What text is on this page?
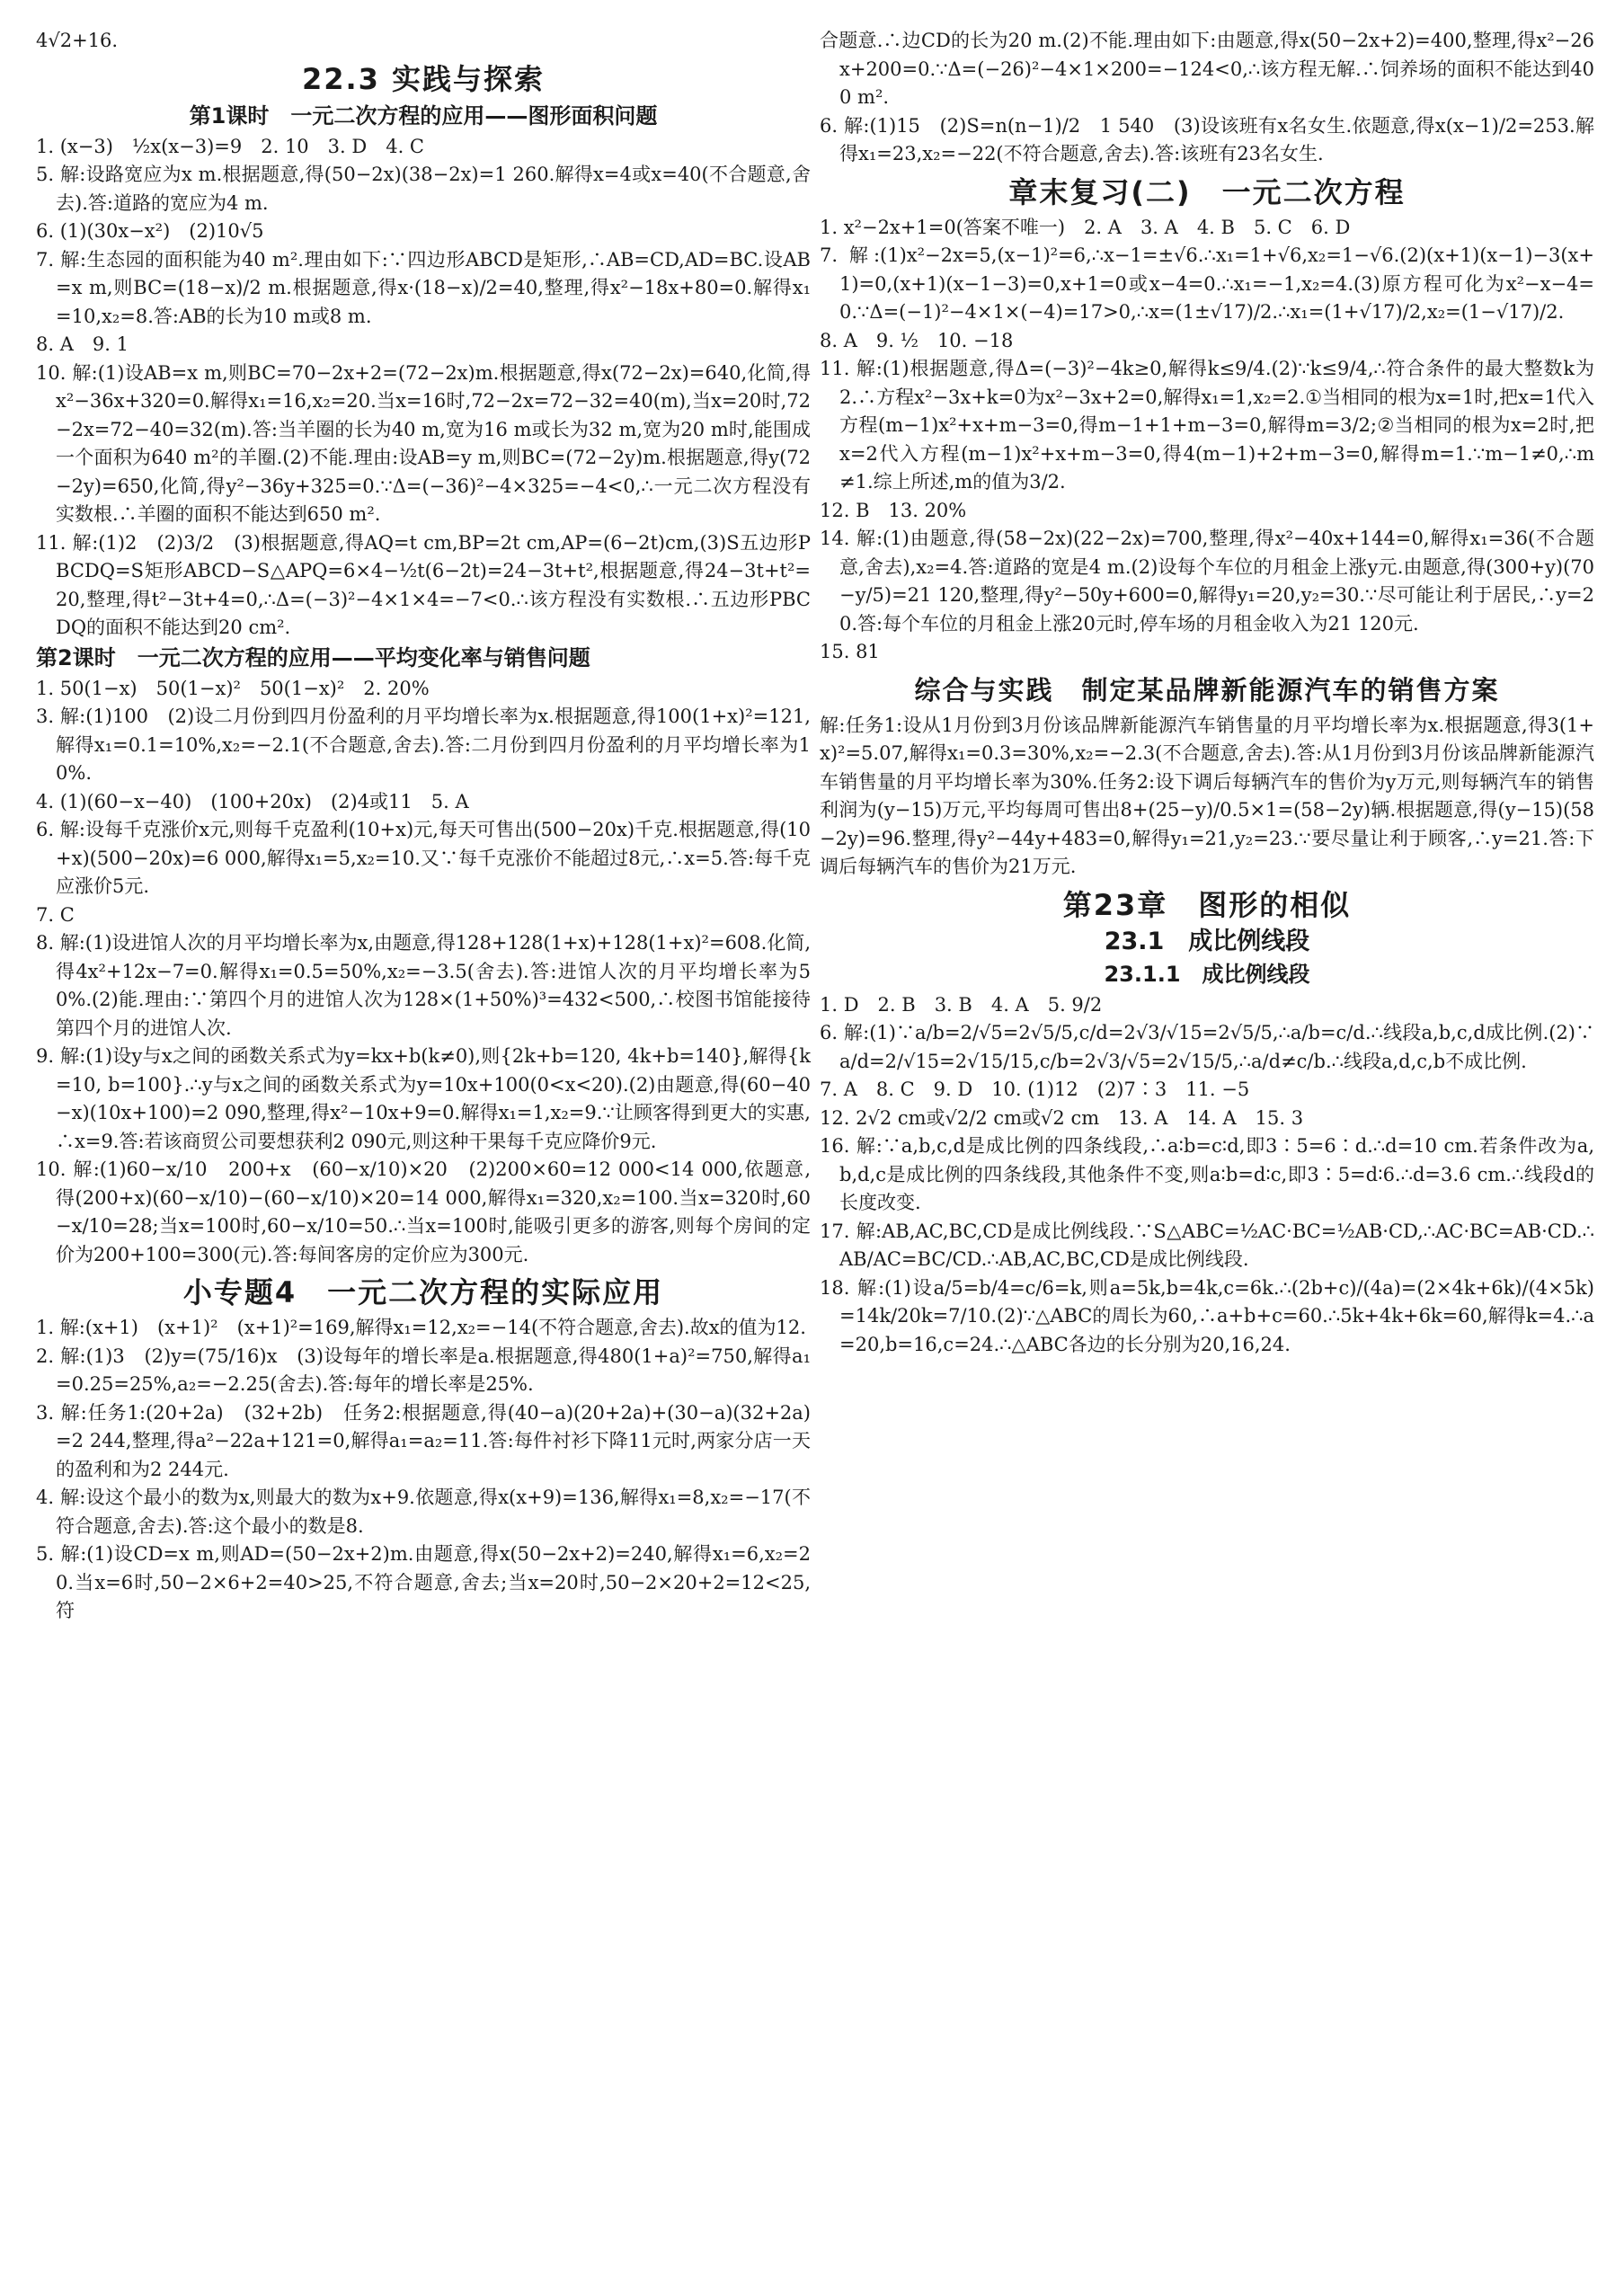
4√2+16.

22.3 实践与探索
第1课时　一元二次方程的应用——图形面积问题

1. (x−3)　½x(x−3)=9　2. 10　3. D　4. C

5. 解:设路宽应为x m.根据题意,得(50−2x)(38−2x)=1 260.解得x=4或x=40(不合题意,舍去).答:道路的宽应为4 m.

6. (1)(30x−x²)　(2)10√5

7. 解:生态园的面积能为40 m².理由如下:∵四边形ABCD是矩形,∴AB=CD,AD=BC.设AB=x m,则BC=(18−x)/2 m.根据题意,得x·(18−x)/2=40,整理,得x²−18x+80=0.解得x₁=10,x₂=8.答:AB的长为10 m或8 m.

8. A　9. 1

10. 解:(1)设AB=x m,则BC=70−2x+2=(72−2x)m.根据题意,得x(72−2x)=640,化简,得x²−36x+320=0.解得x₁=16,x₂=20.当x=16时,72−2x=72−32=40(m),当x=20时,72−2x=72−40=32(m).答:当羊圈的长为40 m,宽为16 m或长为32 m,宽为20 m时,能围成一个面积为640 m²的羊圈.(2)不能.理由:设AB=y m,则BC=(72−2y)m.根据题意,得y(72−2y)=650,化简,得y²−36y+325=0.∵Δ=(−36)²−4×325=−4<0,∴一元二次方程没有实数根.∴羊圈的面积不能达到650 m².

11. 解:(1)2　(2)3/2　(3)根据题意,得AQ=t cm,BP=2t cm,AP=(6−2t)cm,(3)S五边形PBCDQ=S矩形ABCD−S△APQ=6×4−½t(6−2t)=24−3t+t²,根据题意,得24−3t+t²=20,整理,得t²−3t+4=0,∴Δ=(−3)²−4×1×4=−7<0.∴该方程没有实数根.∴五边形PBCDQ的面积不能达到20 cm².

第2课时　一元二次方程的应用——平均变化率与销售问题

1. 50(1−x)　50(1−x)²　50(1−x)²　2. 20%

3. 解:(1)100　(2)设二月份到四月份盈利的月平均增长率为x.根据题意,得100(1+x)²=121,解得x₁=0.1=10%,x₂=−2.1(不合题意,舍去).答:二月份到四月份盈利的月平均增长率为10%.

4. (1)(60−x−40)　(100+20x)　(2)4或11　5. A

6. 解:设每千克涨价x元,则每千克盈利(10+x)元,每天可售出(500−20x)千克.根据题意,得(10+x)(500−20x)=6 000,解得x₁=5,x₂=10.又∵每千克涨价不能超过8元,∴x=5.答:每千克应涨价5元.

7. C

8. 解:(1)设进馆人次的月平均增长率为x,由题意,得128+128(1+x)+128(1+x)²=608.化简,得4x²+12x−7=0.解得x₁=0.5=50%,x₂=−3.5(舍去).答:进馆人次的月平均增长率为50%.(2)能.理由:∵第四个月的进馆人次为128×(1+50%)³=432<500,∴校图书馆能接待第四个月的进馆人次.

9. 解:(1)设y与x之间的函数关系式为y=kx+b(k≠0),则{2k+b=120, 4k+b=140},解得{k=10, b=100}.∴y与x之间的函数关系式为y=10x+100(0<x<20).(2)由题意,得(60−40−x)(10x+100)=2 090,整理,得x²−10x+9=0.解得x₁=1,x₂=9.∵让顾客得到更大的实惠,∴x=9.答:若该商贸公司要想获利2 090元,则这种干果每千克应降价9元.

10. 解:(1)60−x/10　200+x　(60−x/10)×20　(2)200×60=12 000<14 000,依题意,得(200+x)(60−x/10)−(60−x/10)×20=14 000,解得x₁=320,x₂=100.当x=320时,60−x/10=28;当x=100时,60−x/10=50.∴当x=100时,能吸引更多的游客,则每个房间的定价为200+100=300(元).答:每间客房的定价应为300元.

小专题4　一元二次方程的实际应用

1. 解:(x+1)　(x+1)²　(x+1)²=169,解得x₁=12,x₂=−14(不符合题意,舍去).故x的值为12.

2. 解:(1)3　(2)y=(75/16)x　(3)设每年的增长率是a.根据题意,得480(1+a)²=750,解得a₁=0.25=25%,a₂=−2.25(舍去).答:每年的增长率是25%.

3. 解:任务1:(20+2a)　(32+2b)　任务2:根据题意,得(40−a)(20+2a)+(30−a)(32+2a)=2 244,整理,得a²−22a+121=0,解得a₁=a₂=11.答:每件衬衫下降11元时,两家分店一天的盈利和为2 244元.

4. 解:设这个最小的数为x,则最大的数为x+9.依题意,得x(x+9)=136,解得x₁=8,x₂=−17(不符合题意,舍去).答:这个最小的数是8.

5. 解:(1)设CD=x m,则AD=(50−2x+2)m.由题意,得x(50−2x+2)=240,解得x₁=6,x₂=20.当x=6时,50−2×6+2=40>25,不符合题意,舍去;当x=20时,50−2×20+2=12<25,符

合题意.∴边CD的长为20 m.(2)不能.理由如下:由题意,得x(50−2x+2)=400,整理,得x²−26x+200=0.∵Δ=(−26)²−4×1×200=−124<0,∴该方程无解.∴饲养场的面积不能达到400 m².

6. 解:(1)15　(2)S=n(n−1)/2　1 540　(3)设该班有x名女生.依题意,得x(x−1)/2=253.解得x₁=23,x₂=−22(不符合题意,舍去).答:该班有23名女生.

章末复习(二)　一元二次方程

1. x²−2x+1=0(答案不唯一)　2. A　3. A　4. B　5. C　6. D

7. 解:(1)x²−2x=5,(x−1)²=6,∴x−1=±√6.∴x₁=1+√6,x₂=1−√6.(2)(x+1)(x−1)−3(x+1)=0,(x+1)(x−1−3)=0,x+1=0或x−4=0.∴x₁=−1,x₂=4.(3)原方程可化为x²−x−4=0.∵Δ=(−1)²−4×1×(−4)=17>0,∴x=(1±√17)/2.∴x₁=(1+√17)/2,x₂=(1−√17)/2.

8. A　9. ½　10. −18

11. 解:(1)根据题意,得Δ=(−3)²−4k≥0,解得k≤9/4.(2)∵k≤9/4,∴符合条件的最大整数k为2.∴方程x²−3x+k=0为x²−3x+2=0,解得x₁=1,x₂=2.①当相同的根为x=1时,把x=1代入方程(m−1)x²+x+m−3=0,得m−1+1+m−3=0,解得m=3/2;②当相同的根为x=2时,把x=2代入方程(m−1)x²+x+m−3=0,得4(m−1)+2+m−3=0,解得m=1.∵m−1≠0,∴m≠1.综上所述,m的值为3/2.

12. B　13. 20%

14. 解:(1)由题意,得(58−2x)(22−2x)=700,整理,得x²−40x+144=0,解得x₁=36(不合题意,舍去),x₂=4.答:道路的宽是4 m.(2)设每个车位的月租金上涨y元.由题意,得(300+y)(70−y/5)=21 120,整理,得y²−50y+600=0,解得y₁=20,y₂=30.∵尽可能让利于居民,∴y=20.答:每个车位的月租金上涨20元时,停车场的月租金收入为21 120元.

15. 81

综合与实践　制定某品牌新能源汽车的销售方案

解:任务1:设从1月份到3月份该品牌新能源汽车销售量的月平均增长率为x.根据题意,得3(1+x)²=5.07,解得x₁=0.3=30%,x₂=−2.3(不合题意,舍去).答:从1月份到3月份该品牌新能源汽车销售量的月平均增长率为30%.任务2:设下调后每辆汽车的售价为y万元,则每辆汽车的销售利润为(y−15)万元,平均每周可售出8+(25−y)/0.5×1=(58−2y)辆.根据题意,得(y−15)(58−2y)=96.整理,得y²−44y+483=0,解得y₁=21,y₂=23.∵要尽量让利于顾客,∴y=21.答:下调后每辆汽车的售价为21万元.

第23章　图形的相似
23.1　成比例线段
23.1.1　成比例线段

1. D　2. B　3. B　4. A　5. 9/2

6. 解:(1)∵a/b=2/√5=2√5/5,c/d=2√3/√15=2√5/5,∴a/b=c/d.∴线段a,b,c,d成比例.(2)∵a/d=2/√15=2√15/15,c/b=2√3/√5=2√15/5,∴a/d≠c/b.∴线段a,d,c,b不成比例.

7. A　8. C　9. D　10. (1)12　(2)7∶3　11. −5

12. 2√2 cm或√2/2 cm或√2 cm　13. A　14. A　15. 3

16. 解:∵a,b,c,d是成比例的四条线段,∴a∶b=c∶d,即3∶5=6∶d.∴d=10 cm.若条件改为a,b,d,c是成比例的四条线段,其他条件不变,则a∶b=d∶c,即3∶5=d∶6.∴d=3.6 cm.∴线段d的长度改变.

17. 解:AB,AC,BC,CD是成比例线段.∵S△ABC=½AC·BC=½AB·CD,∴AC·BC=AB·CD.∴AB/AC=BC/CD.∴AB,AC,BC,CD是成比例线段.

18. 解:(1)设a/5=b/4=c/6=k,则a=5k,b=4k,c=6k.∴(2b+c)/(4a)=(2×4k+6k)/(4×5k)=14k/20k=7/10.(2)∵△ABC的周长为60,∴a+b+c=60.∴5k+4k+6k=60,解得k=4.∴a=20,b=16,c=24.∴△ABC各边的长分别为20,16,24.
